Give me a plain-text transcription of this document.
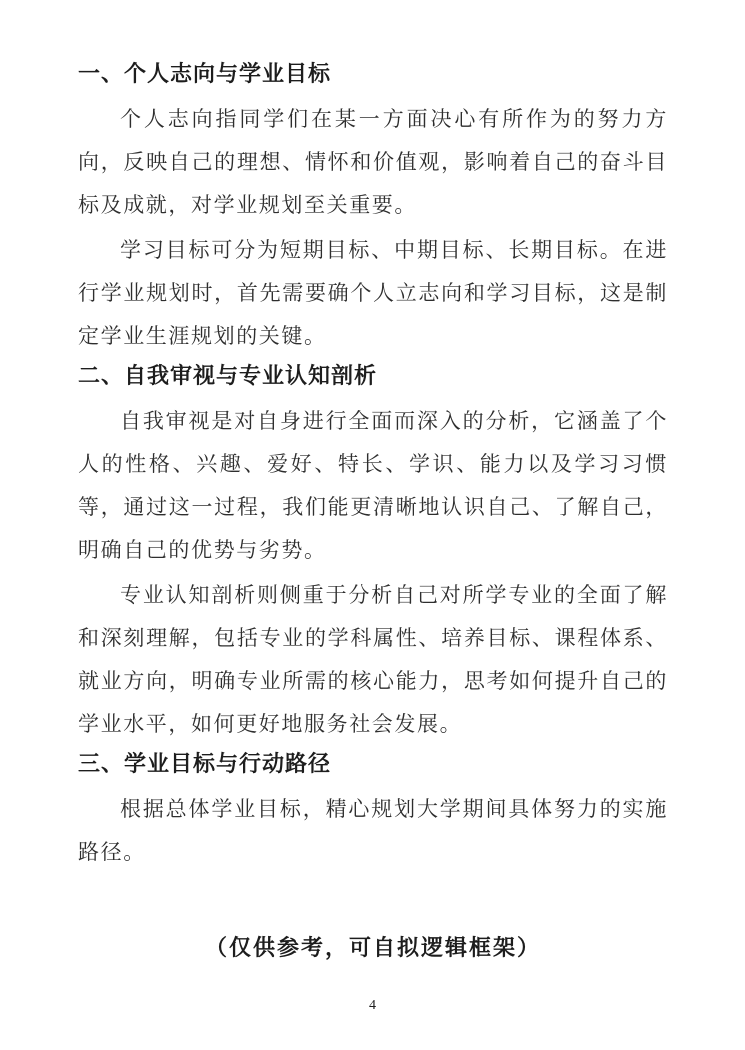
一、个人志向与学业目标

个人志向指同学们在某一方面决心有所作为的努力方向，反映自己的理想、情怀和价值观，影响着自己的奋斗目标及成就，对学业规划至关重要。

学习目标可分为短期目标、中期目标、长期目标。在进行学业规划时，首先需要确个人立志向和学习目标，这是制定学业生涯规划的关键。

二、自我审视与专业认知剖析

自我审视是对自身进行全面而深入的分析，它涵盖了个人的性格、兴趣、爱好、特长、学识、能力以及学习习惯等，通过这一过程，我们能更清晰地认识自己、了解自己，明确自己的优势与劣势。

专业认知剖析则侧重于分析自己对所学专业的全面了解和深刻理解，包括专业的学科属性、培养目标、课程体系、就业方向，明确专业所需的核心能力，思考如何提升自己的学业水平，如何更好地服务社会发展。

三、学业目标与行动路径

根据总体学业目标，精心规划大学期间具体努力的实施路径。

（仅供参考，可自拟逻辑框架）

4
